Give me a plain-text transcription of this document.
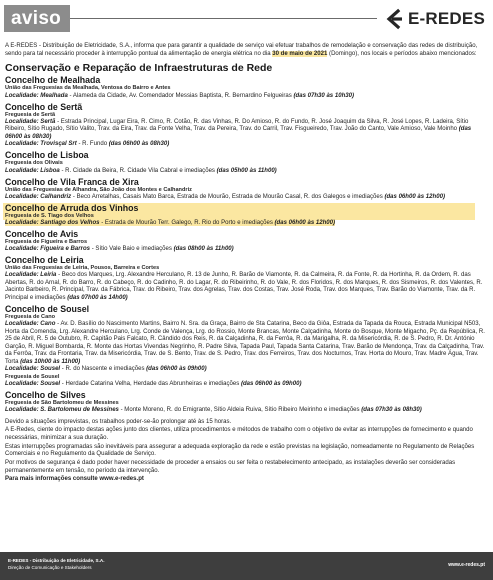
aviso	E-REDES
A E-REDES - Distribuição de Eletricidade, S.A., informa que para garantir a qualidade de serviço vai efetuar trabalhos de remodelação e conservação das redes de distribuição, sendo para tal necessário proceder à interrupção pontual da alimentação de energia elétrica no dia 30 de maio de 2021 (Domingo), nos locais e períodos abaixo mencionados:
Conservação e Reparação de Infraestruturas de Rede
Concelho de Mealhada
União das Freguesias da Mealhada, Ventosa do Bairro e Antes
Localidade: Mealhada - Alameda da Cidade, Av. Comendador Messias Baptista, R. Bernardino Felgueiras (das 07h30 às 10h30)
Concelho de Sertã
Freguesia de Sertã
Localidade: Sertã - Estrada Principal, Lugar Eira, R. Cimo, R. Cotão, R. das Vinhas, R. Do Amioso, R. do Fundo, R. José Joaquim da Silva, R. José Lopes, R. Ladeira, Sítio Ribeiro, Sítio Rugado, Sítio Valito, Trav. da Eira, Trav. da Fonte Velha, Trav. da Pereira, Trav. do Carril, Trav. Fisgueiredo, Trav. João do Canto, Vale Amioso, Vale Moinho (das 06h00 às 08h30)
Localidade: Trovisçal Srt - R. Fundo (das 06h00 às 08h30)
Concelho de Lisboa
Freguesia dos Olivais
Localidade: Lisboa - R. Cidade da Beira, R. Cidade Vila Cabral e imediações (das 05h00 às 11h00)
Concelho de Vila Franca de Xira
União das Freguesias de Alhandra, São João dos Montes e Calhandriz
Localidade: Calhandriz - Beco Arretalhas, Casais Mato Barca, Estrada de Mourão, Estrada de Mourão Casal, R. dos Galegos e imediações (das 06h00 às 12h00)
Concelho de Arruda dos Vinhos
Freguesia de S. Tiago dos Velhos
Localidade: Santiago dos Velhos - Estrada de Mourão Terr. Galego, R. Rio do Porto e imediações (das 06h00 às 12h00)
Concelho de Avis
Freguesia de Figueira e Barros
Localidade: Figueira e Barros - Sítio Vale Baio e imediações (das 08h00 às 11h00)
Concelho de Leiria
União das Freguesias de Leiria, Pousos, Barreira e Cortes
Localidade: Leiria - Beco dos Marques, Lrg. Alexandre Herculano, R. 13 de Junho, R. Barão de Viamonte, R. da Calmeira, R. da Fonte, R. da Hortinha, R. da Ordem, R. das Abertas, R. do Arnal, R. do Barro, R. do Cabeço, R. do Cadinho, R. do Lagar, R. do Ribeirinho, R. do Vale, R. dos Floridos, R. dos Marques, R. dos Sismeiros, R. dos Valentes, R. Jacinto Barbeiro, R. Principal, Trav. da Fábrica, Trav. do Ribeiro, Trav. dos Agrelas, Trav. dos Costas, Trav. José Roda, Trav. dos Marques, Trav. Barão do Viamonte, Trav. da R. Principal e imediações (das 07h00 às 14h00)
Concelho de Sousel
Freguesia de Cano
Localidade: Cano - Av. D. Basílio do Nascimento Martins, Bairro N. Sra. da Graça, Bairro de Sta Catarina, Beco da Giôa, Estrada da Tapada da Rouca, Estrada Municipal N503, Horta da Comenda, Lrg. Alexandre Herculano, Lrg. Conde de Valença, Lrg. do Rossio, Monte Brancas, Monte Calçadinha, Monte do Bosque, Monte Migacho, Pç. da República, R. 25 de Abril, R. 5 de Outubro, R. Capitão Pais Falcato, R. Cândido dos Reis, R. da Calçadinha, R. da Ferrôa, R. da Marigalha, R. da Misericórdia, R. de S. Pedro, R. Dr. António Garção, R. Miguel Bombarda, R. Monte das Hortas Vivendas Negrinho, R. Padre Silva, Tapada Paul, Tapada Santa Catarina, Trav. Barão de Mendonça, Trav. da Calçadinha, Trav. da Ferrôa, Trav. da Frontaria, Trav. da Misericórdia, Trav. de S. Bento, Trav. de S. Pedro, Trav. dos Ferreiros, Trav. dos Nocturnos, Trav. Horta do Mouro, Trav. Madre Água, Trav. Torta (das 10h00 às 11h00)
Localidade: Sousel - R. do Nascente e imediações (das 06h00 às 09h00)
Freguesia de Sousel
Localidade: Sousel - Herdade Catarina Velha, Herdade das Abrunheiras e imediações (das 06h00 às 09h00)
Concelho de Silves
Freguesia de São Bartolomeu de Messines
Localidade: S. Bartolomeu de Messines - Monte Moreno, R. do Emigrante, Sítio Aldeia Ruiva, Sítio Ribeiro Meirinho e imediações (das 07h30 às 08h30)

Devido a situações imprevistas, os trabalhos poder-se-ão prolongar até às 15 horas.

A E-Redes, ciente do impacto destas ações junto dos clientes, utiliza procedimentos e métodos de trabalho com o objetivo de evitar as interrupções de fornecimento e quando necessárias, minimizar a sua duração.

Estas interrupções programadas são inevitáveis para assegurar a adequada exploração da rede e estão previstas na legislação, nomeadamente no Regulamento de Relações Comerciais e no Regulamento da Qualidade de Serviço.

Por motivos de segurança é dado poder haver necessidade de proceder a ensaios ou ser feita o restabelecimento antecipado, as instalações deverão ser consideradas permanentemente em tensão, no período da intervenção.

Para mais informações consulte www.e-redes.pt

E-REDES - Distribuição de Eletricidade, S.A.
Direção de Comunicação e Stakeholders	www.e-redes.pt
